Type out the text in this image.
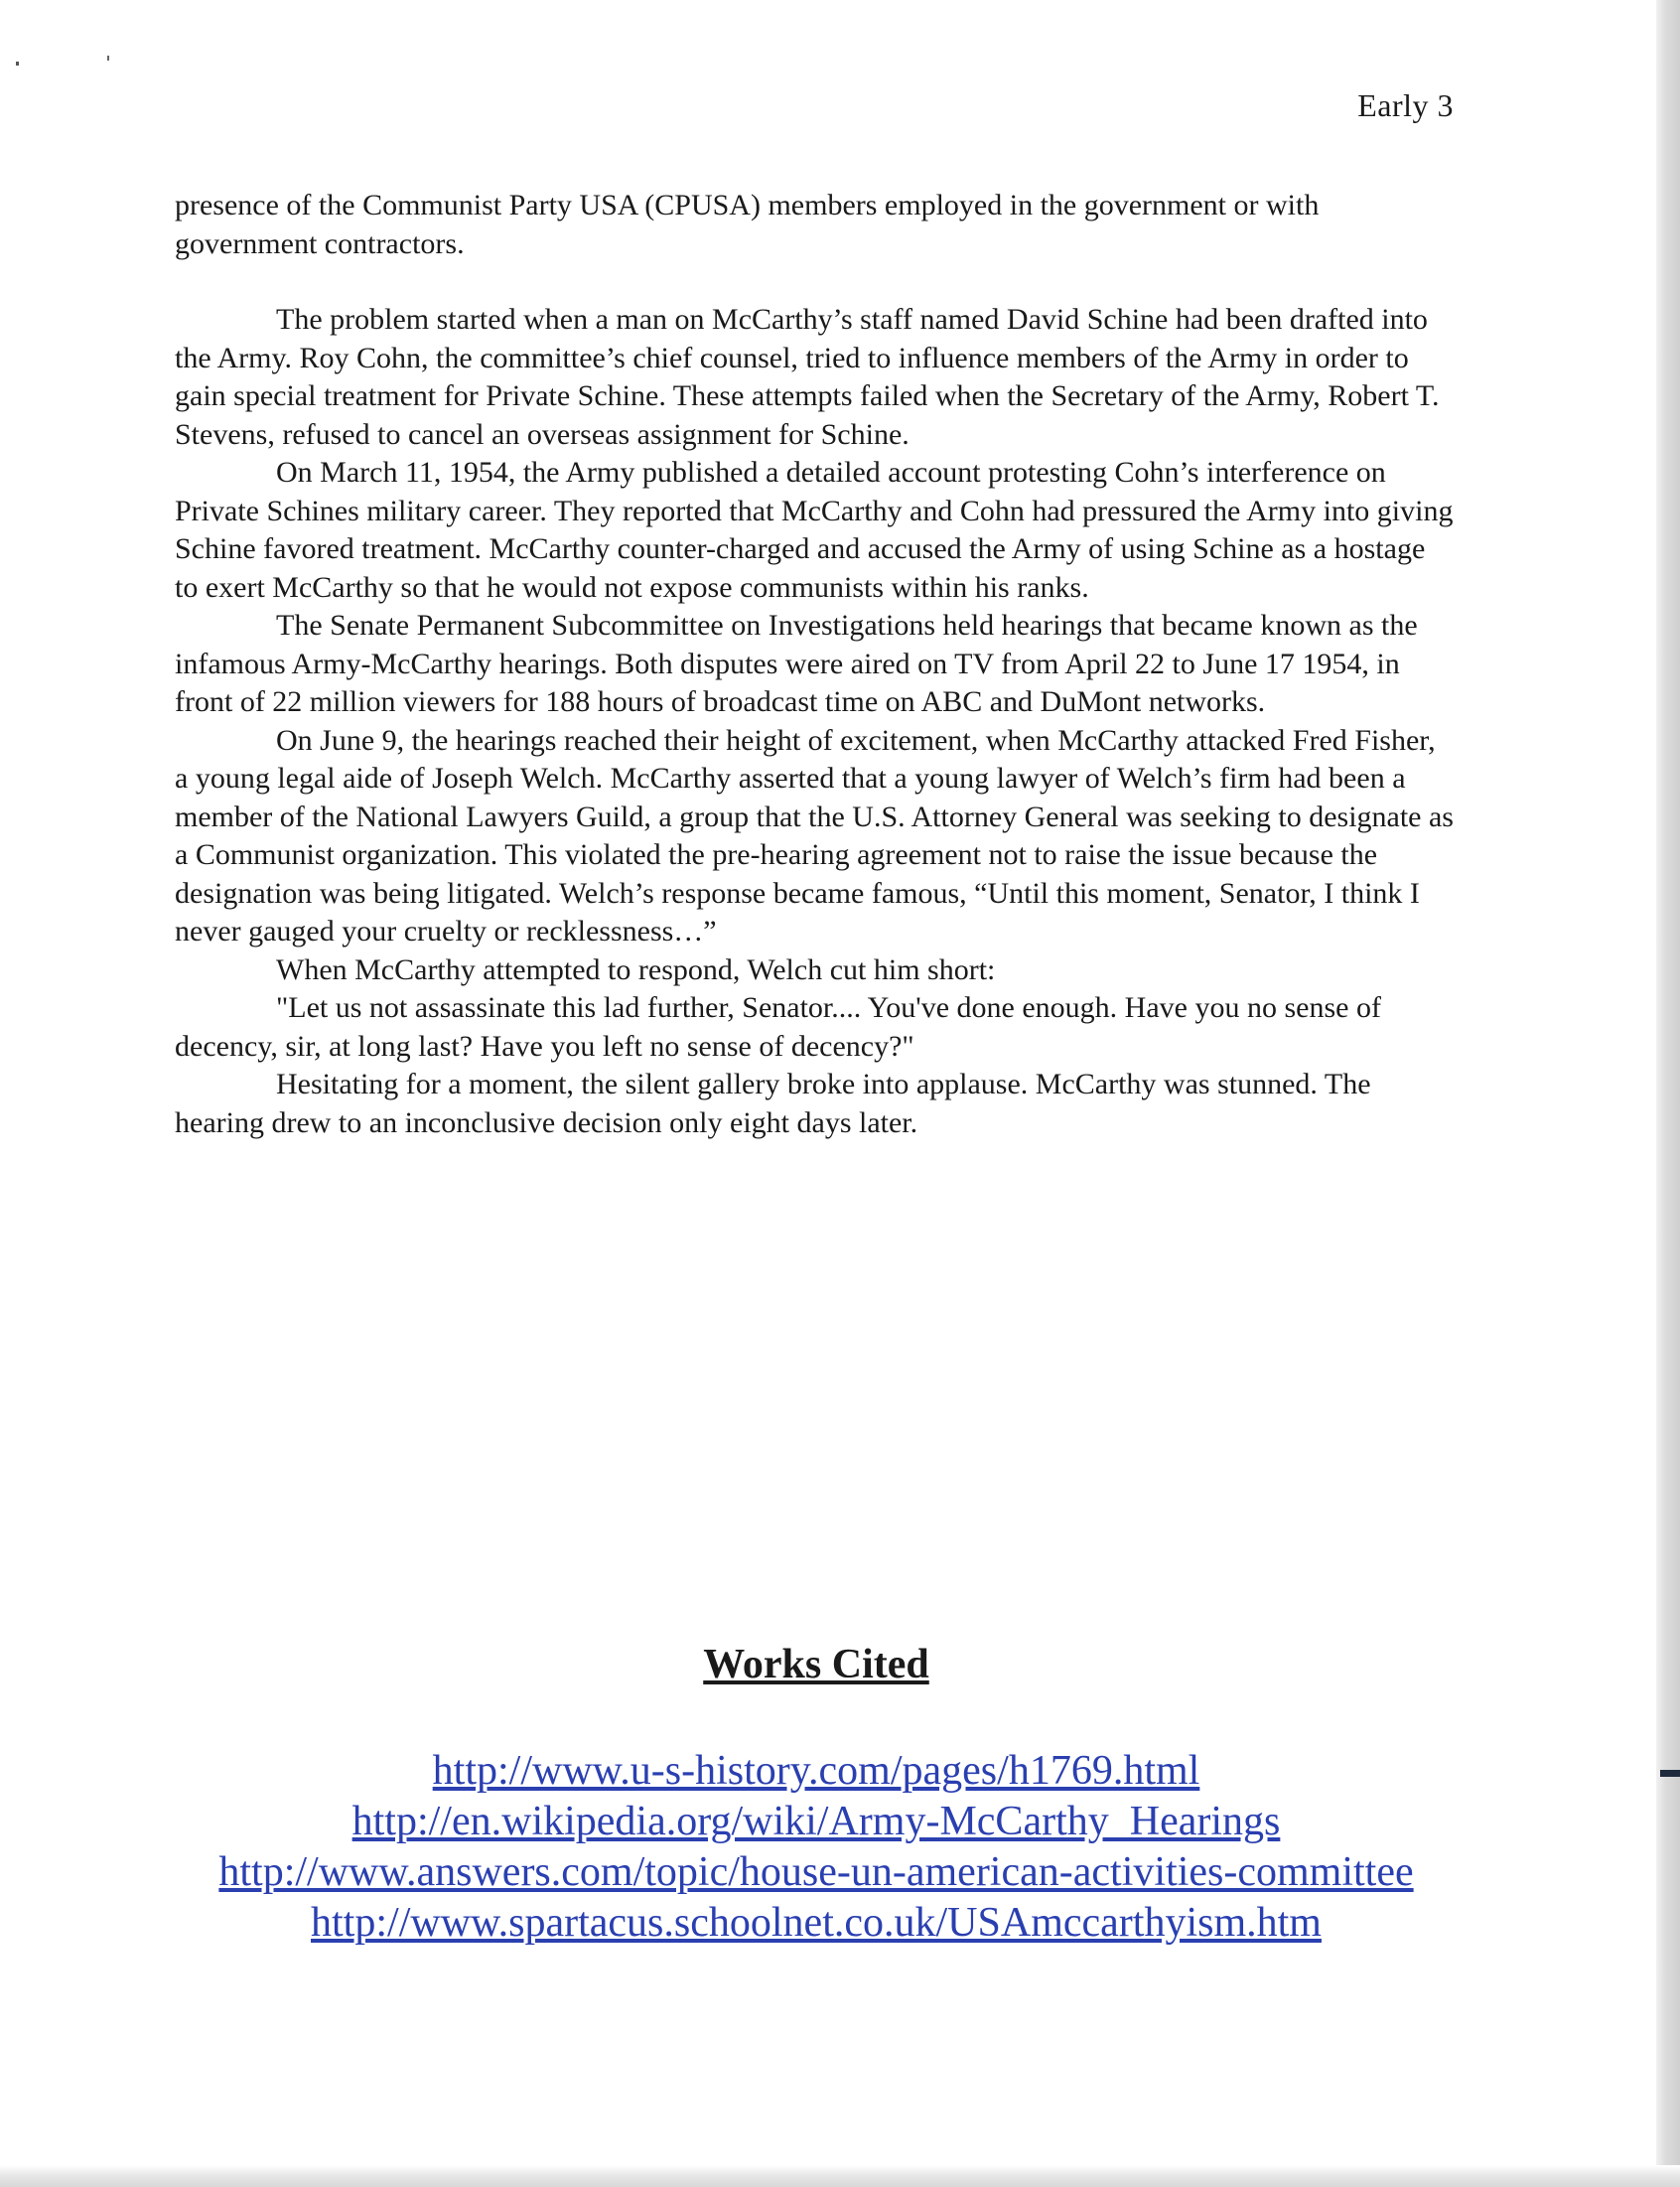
Early 3

presence of the Communist Party USA (CPUSA) members employed in the government or with government contractors.

The problem started when a man on McCarthy’s staff named David Schine had been drafted into the Army. Roy Cohn, the committee’s chief counsel, tried to influence members of the Army in order to gain special treatment for Private Schine. These attempts failed when the Secretary of the Army, Robert T. Stevens, refused to cancel an overseas assignment for Schine.

On March 11, 1954, the Army published a detailed account protesting Cohn’s interference on Private Schines military career. They reported that McCarthy and Cohn had pressured the Army into giving Schine favored treatment. McCarthy counter-charged and accused the Army of using Schine as a hostage to exert McCarthy so that he would not expose communists within his ranks.

The Senate Permanent Subcommittee on Investigations held hearings that became known as the infamous Army-McCarthy hearings. Both disputes were aired on TV from April 22 to June 17 1954, in front of 22 million viewers for 188 hours of broadcast time on ABC and DuMont networks.

On June 9, the hearings reached their height of excitement, when McCarthy attacked Fred Fisher, a young legal aide of Joseph Welch. McCarthy asserted that a young lawyer of Welch’s firm had been a member of the National Lawyers Guild, a group that the U.S. Attorney General was seeking to designate as a Communist organization. This violated the pre-hearing agreement not to raise the issue because the designation was being litigated. Welch’s response became famous, “Until this moment, Senator, I think I never gauged your cruelty or recklessness…”

When McCarthy attempted to respond, Welch cut him short:

"Let us not assassinate this lad further, Senator.... You've done enough. Have you no sense of decency, sir, at long last? Have you left no sense of decency?"

Hesitating for a moment, the silent gallery broke into applause. McCarthy was stunned. The hearing drew to an inconclusive decision only eight days later.

Works Cited
http://www.u-s-history.com/pages/h1769.html
http://en.wikipedia.org/wiki/Army-McCarthy_Hearings
http://www.answers.com/topic/house-un-american-activities-committee
http://www.spartacus.schoolnet.co.uk/USAmccarthyism.htm
